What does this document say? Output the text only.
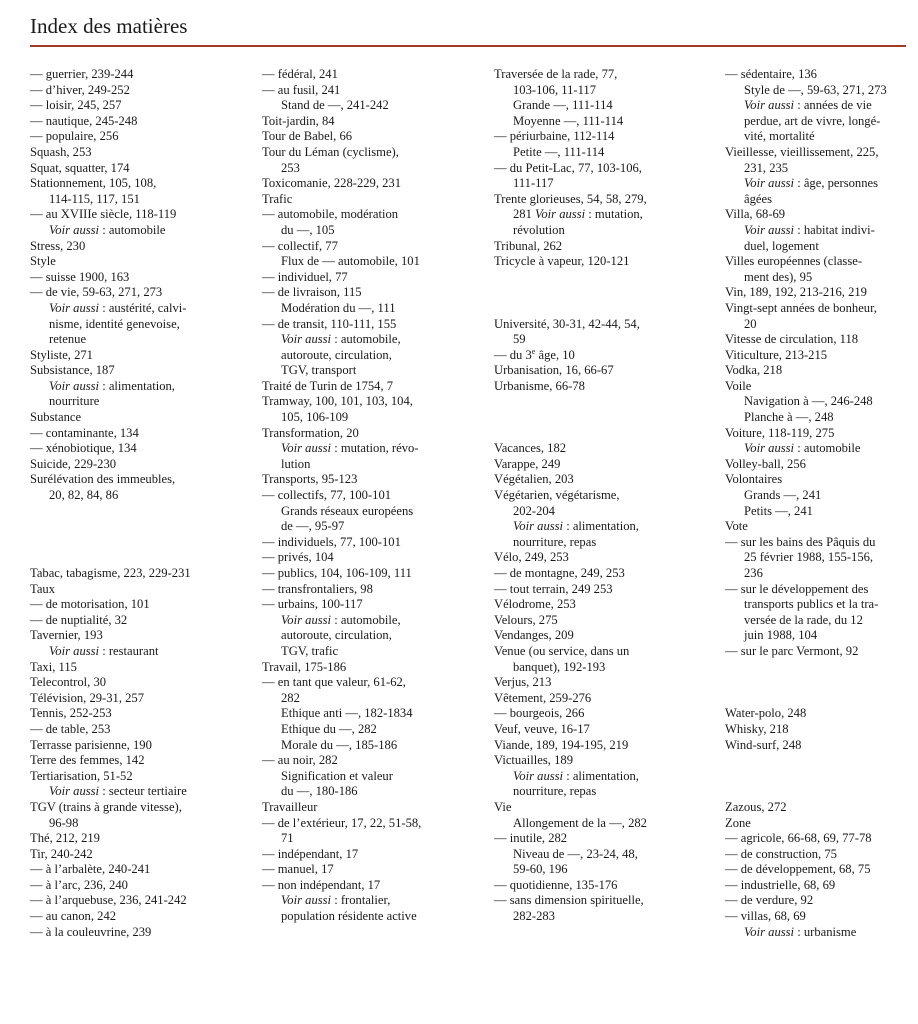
Index des matières
— guerrier, 239-244
— d’hiver, 249-252
— loisir, 245, 257
— nautique, 245-248
— populaire, 256
Squash, 253
Squat, squatter, 174
Stationnement, 105, 108,
114-115, 117, 151
— au XVIIIe siècle, 118-119
Voir aussi : automobile
Stress, 230
Style
— suisse 1900, 163
— de vie, 59-63, 271, 273
Voir aussi : austérité, calvi-
nisme, identité genevoise,
retenue
Styliste, 271
Subsistance, 187
Voir aussi : alimentation,
nourriture
Substance
— contaminante, 134
— xénobiotique, 134
Suicide, 229-230
Surélévation des immeubles,
20, 82, 84, 86
Tabac, tabagisme, 223, 229-231
Taux
— de motorisation, 101
— de nuptialité, 32
Tavernier, 193
Voir aussi : restaurant
Taxi, 115
Telecontrol, 30
Télévision, 29-31, 257
Tennis, 252-253
— de table, 253
Terrasse parisienne, 190
Terre des femmes, 142
Tertiarisation, 51-52
Voir aussi : secteur tertiaire
TGV (trains à grande vitesse),
96-98
Thé, 212, 219
Tir, 240-242
— à l’arbalète, 240-241
— à l’arc, 236, 240
— à l’arquebuse, 236, 241-242
— au canon, 242
— à la couleuvrine, 239
— fédéral, 241
— au fusil, 241
Stand de —, 241-242
Toit-jardin, 84
Tour de Babel, 66
Tour du Léman (cyclisme),
253
Toxicomanie, 228-229, 231
Trafic
— automobile, modération
du —, 105
— collectif, 77
Flux de — automobile, 101
— individuel, 77
— de livraison, 115
Modération du —, 111
— de transit, 110-111, 155
Voir aussi : automobile,
autoroute, circulation,
TGV, transport
Traité de Turin de 1754, 7
Tramway, 100, 101, 103, 104,
105, 106-109
Transformation, 20
Voir aussi : mutation, révo-
lution
Transports, 95-123
— collectifs, 77, 100-101
Grands réseaux européens
de —, 95-97
— individuels, 77, 100-101
— privés, 104
— publics, 104, 106-109, 111
— transfrontaliers, 98
— urbains, 100-117
Voir aussi : automobile,
autoroute, circulation,
TGV, trafic
Travail, 175-186
— en tant que valeur, 61-62,
282
Ethique anti —, 182-1834
Ethique du —, 282
Morale du —, 185-186
— au noir, 282
Signification et valeur
du —, 180-186
Travailleur
— de l’extérieur, 17, 22, 51-58,
71
— indépendant, 17
— manuel, 17
— non indépendant, 17
Voir aussi : frontalier,
population résidente active
Traversée de la rade, 77,
103-106, 11-117
Grande —, 111-114
Moyenne —, 111-114
— périurbaine, 112-114
Petite —, 111-114
— du Petit-Lac, 77, 103-106,
111-117
Trente glorieuses, 54, 58, 279,
281 Voir aussi : mutation,
révolution
Tribunal, 262
Tricycle à vapeur, 120-121
Université, 30-31, 42-44, 54,
59
— du 3e âge, 10
Urbanisation, 16, 66-67
Urbanisme, 66-78
Vacances, 182
Varappe, 249
Végétalien, 203
Végétarien, végétarisme,
202-204
Voir aussi : alimentation,
nourriture, repas
Vélo, 249, 253
— de montagne, 249, 253
— tout terrain, 249 253
Vélodrome, 253
Velours, 275
Vendanges, 209
Venue (ou service, dans un
banquet), 192-193
Verjus, 213
Vêtement, 259-276
— bourgeois, 266
Veuf, veuve, 16-17
Viande, 189, 194-195, 219
Victuailles, 189
Voir aussi : alimentation,
nourriture, repas
Vie
Allongement de la —, 282
— inutile, 282
Niveau de —, 23-24, 48,
59-60, 196
— quotidienne, 135-176
— sans dimension spirituelle,
282-283
— sédentaire, 136
Style de —, 59-63, 271, 273
Voir aussi : années de vie
perdue, art de vivre, longé-
vité, mortalité
Vieillesse, vieillissement, 225,
231, 235
Voir aussi : âge, personnes
âgées
Villa, 68-69
Voir aussi : habitat indivi-
duel, logement
Villes européennes (classe-
ment des), 95
Vin, 189, 192, 213-216, 219
Vingt-sept années de bonheur,
20
Vitesse de circulation, 118
Viticulture, 213-215
Vodka, 218
Voile
Navigation à —, 246-248
Planche à —, 248
Voiture, 118-119, 275
Voir aussi : automobile
Volley-ball, 256
Volontaires
Grands —, 241
Petits —, 241
Vote
— sur les bains des Pâquis du
25 février 1988, 155-156,
236
— sur le développement des
transports publics et la tra-
versée de la rade, du 12
juin 1988, 104
— sur le parc Vermont, 92
Water-polo, 248
Whisky, 218
Wind-surf, 248
Zazous, 272
Zone
— agricole, 66-68, 69, 77-78
— de construction, 75
— de développement, 68, 75
— industrielle, 68, 69
— de verdure, 92
— villas, 68, 69
Voir aussi : urbanisme
